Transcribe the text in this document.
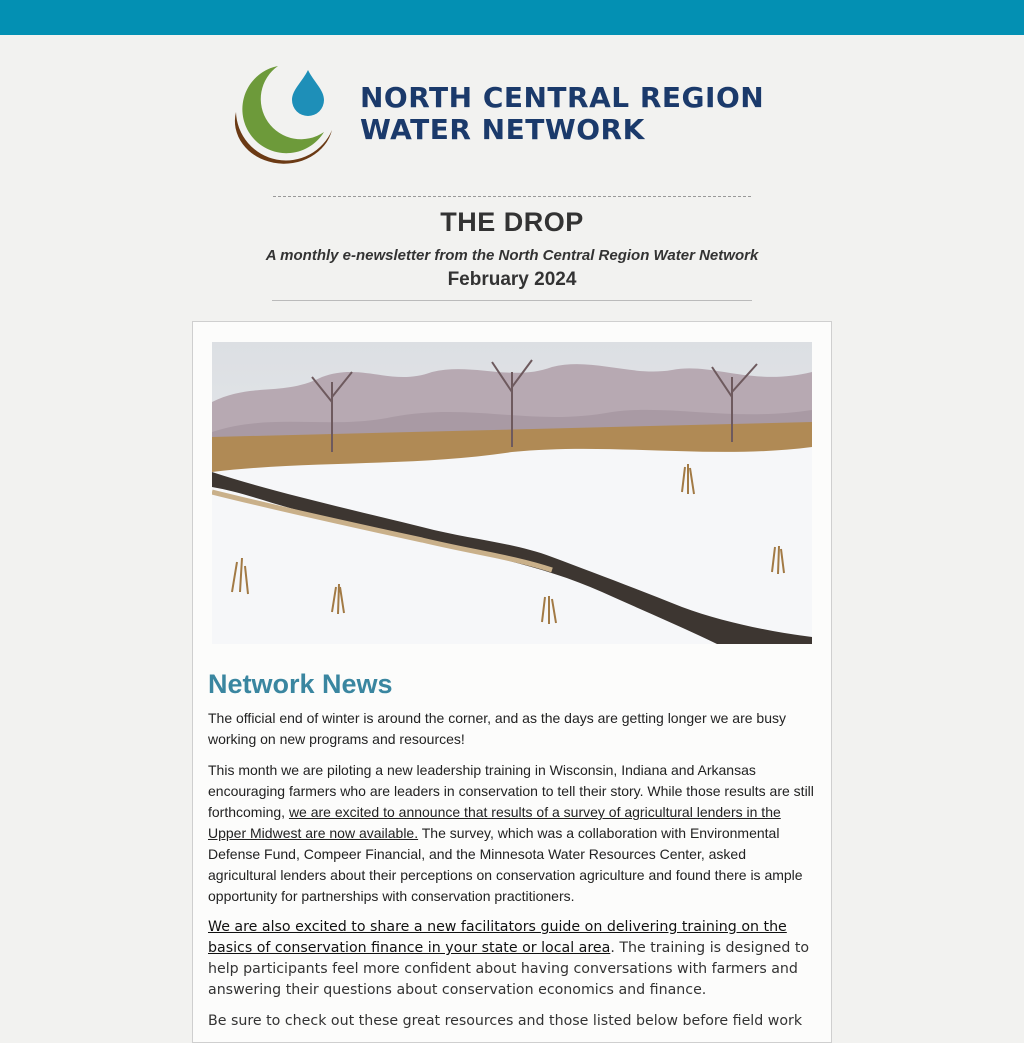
NORTH CENTRAL REGION
WATER NETWORK
THE DROP
A monthly e-newsletter from the North Central Region Water Network
February 2024
Network News

The official end of winter is around the corner, and as the days are getting longer we are busy working on new programs and resources!

This month we are piloting a new leadership training in Wisconsin, Indiana and Arkansas encouraging farmers who are leaders in conservation to tell their story. While those results are still forthcoming, we are excited to announce that results of a survey of agricultural lenders in the Upper Midwest are now available. The survey, which was a collaboration with Environmental Defense Fund, Compeer Financial, and the Minnesota Water Resources Center, asked agricultural lenders about their perceptions on conservation agriculture and found there is ample opportunity for partnerships with conservation practitioners.

We are also excited to share a new facilitators guide on delivering training on the basics of conservation finance in your state or local area. The training is designed to help participants feel more confident about having conversations with farmers and answering their questions about conservation economics and finance.

Be sure to check out these great resources and those listed below before field work
